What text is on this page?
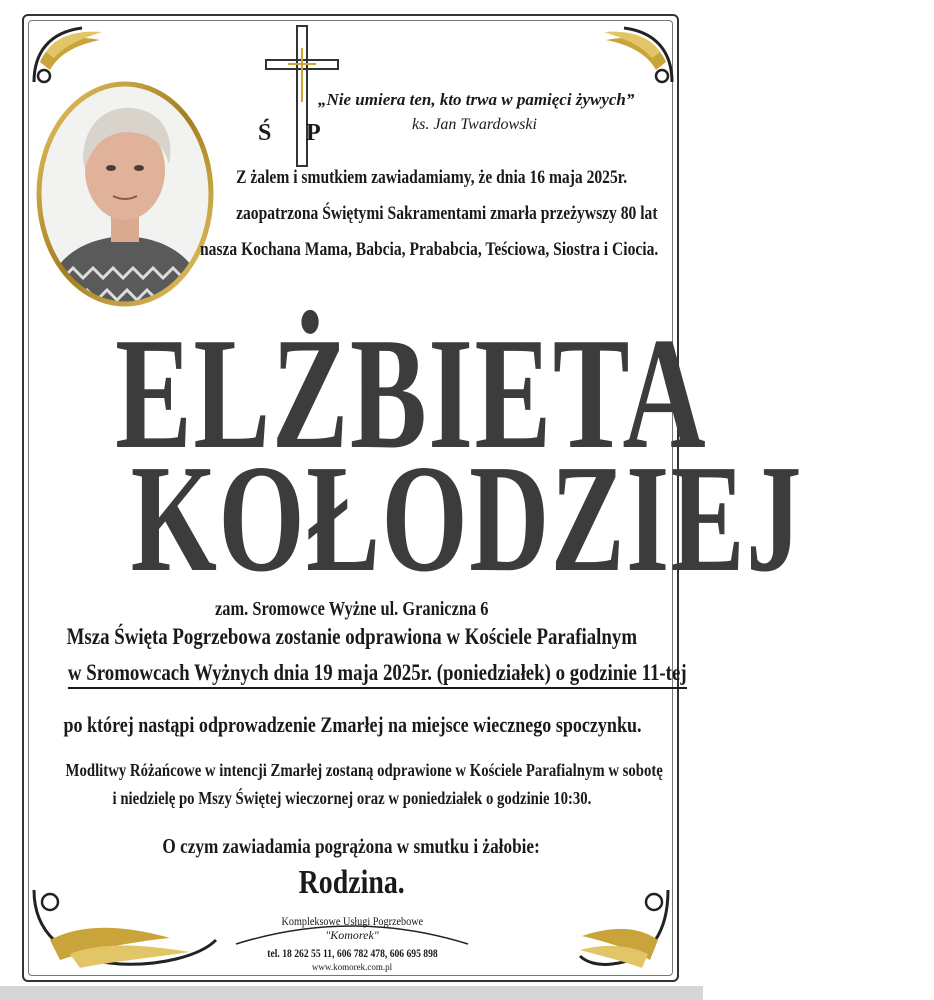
Ś P
„Nie umiera ten, kto trwa w pamięci żywych”
ks. Jan Twardowski
Z żalem i smutkiem zawiadamiamy, że dnia 16 maja 2025r.
zaopatrzona Świętymi Sakramentami zmarła przeżywszy 80 lat
nasza Kochana Mama, Babcia, Prababcia, Teściowa, Siostra i Ciocia.
ELŻBIETA
KOŁODZIEJ
zam. Sromowce Wyżne ul. Graniczna 6
Msza Święta Pogrzebowa zostanie odprawiona w Kościele Parafialnym
w Sromowcach Wyżnych dnia 19 maja 2025r. (poniedziałek) o godzinie 11-tej
po której nastąpi odprowadzenie Zmarłej na miejsce wiecznego spoczynku.
Modlitwy Różańcowe w intencji Zmarłej zostaną odprawione w Kościele Parafialnym w sobotę
i niedzielę po Mszy Świętej wieczornej oraz w poniedziałek o godzinie 10:30.
O czym zawiadamia pogrążona w smutku i żałobie:
Rodzina.
Kompleksowe Usługi Pogrzebowe
"Komorek"
tel. 18 262 55 11, 606 782 478, 606 695 898
www.komorek.com.pl
